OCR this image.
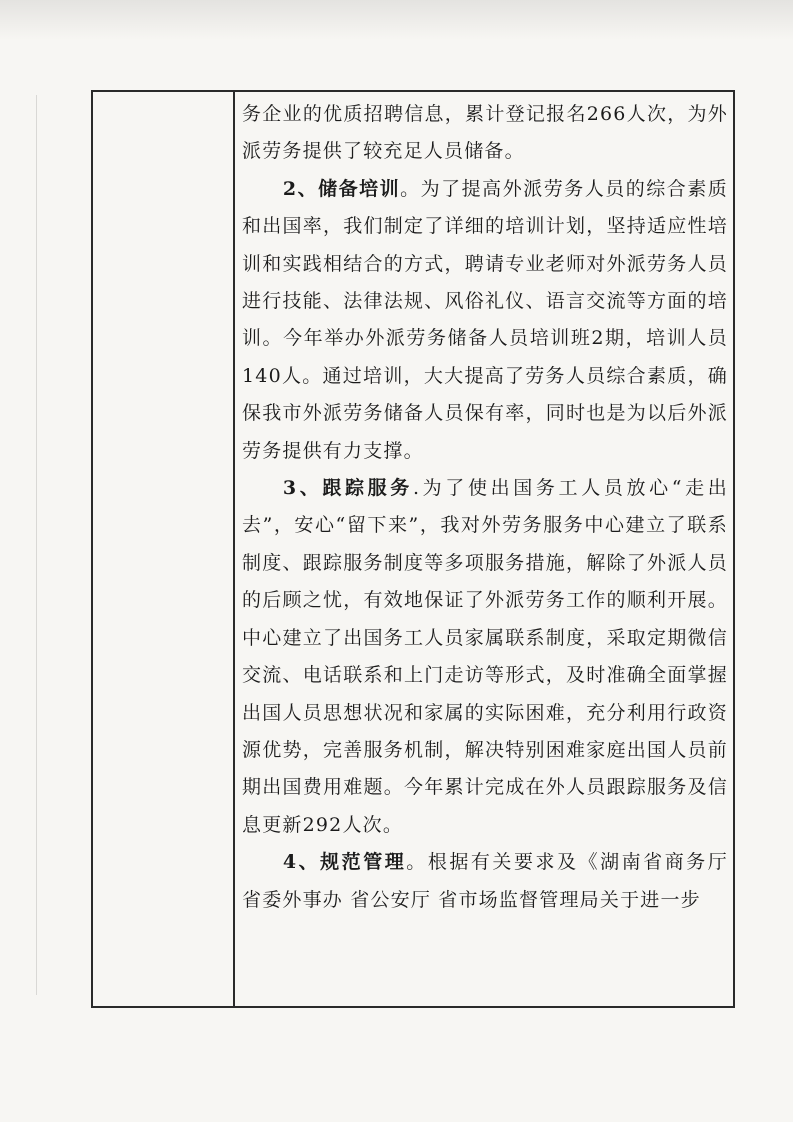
务企业的优质招聘信息，累计登记报名266人次，为外派劳务提供了较充足人员储备。

2、储备培训。为了提高外派劳务人员的综合素质和出国率，我们制定了详细的培训计划，坚持适应性培训和实践相结合的方式，聘请专业老师对外派劳务人员进行技能、法律法规、风俗礼仪、语言交流等方面的培训。今年举办外派劳务储备人员培训班2期，培训人员140人。通过培训，大大提高了劳务人员综合素质，确保我市外派劳务储备人员保有率，同时也是为以后外派劳务提供有力支撑。

3、跟踪服务.为了使出国务工人员放心“走出去”，安心“留下来”，我对外劳务服务中心建立了联系制度、跟踪服务制度等多项服务措施，解除了外派人员的后顾之忧，有效地保证了外派劳务工作的顺利开展。中心建立了出国务工人员家属联系制度，采取定期微信交流、电话联系和上门走访等形式，及时准确全面掌握出国人员思想状况和家属的实际困难，充分利用行政资源优势，完善服务机制，解决特别困难家庭出国人员前期出国费用难题。今年累计完成在外人员跟踪服务及信息更新292人次。

4、规范管理。根据有关要求及《湖南省商务厅 省委外事办 省公安厅 省市场监督管理局关于进一步
